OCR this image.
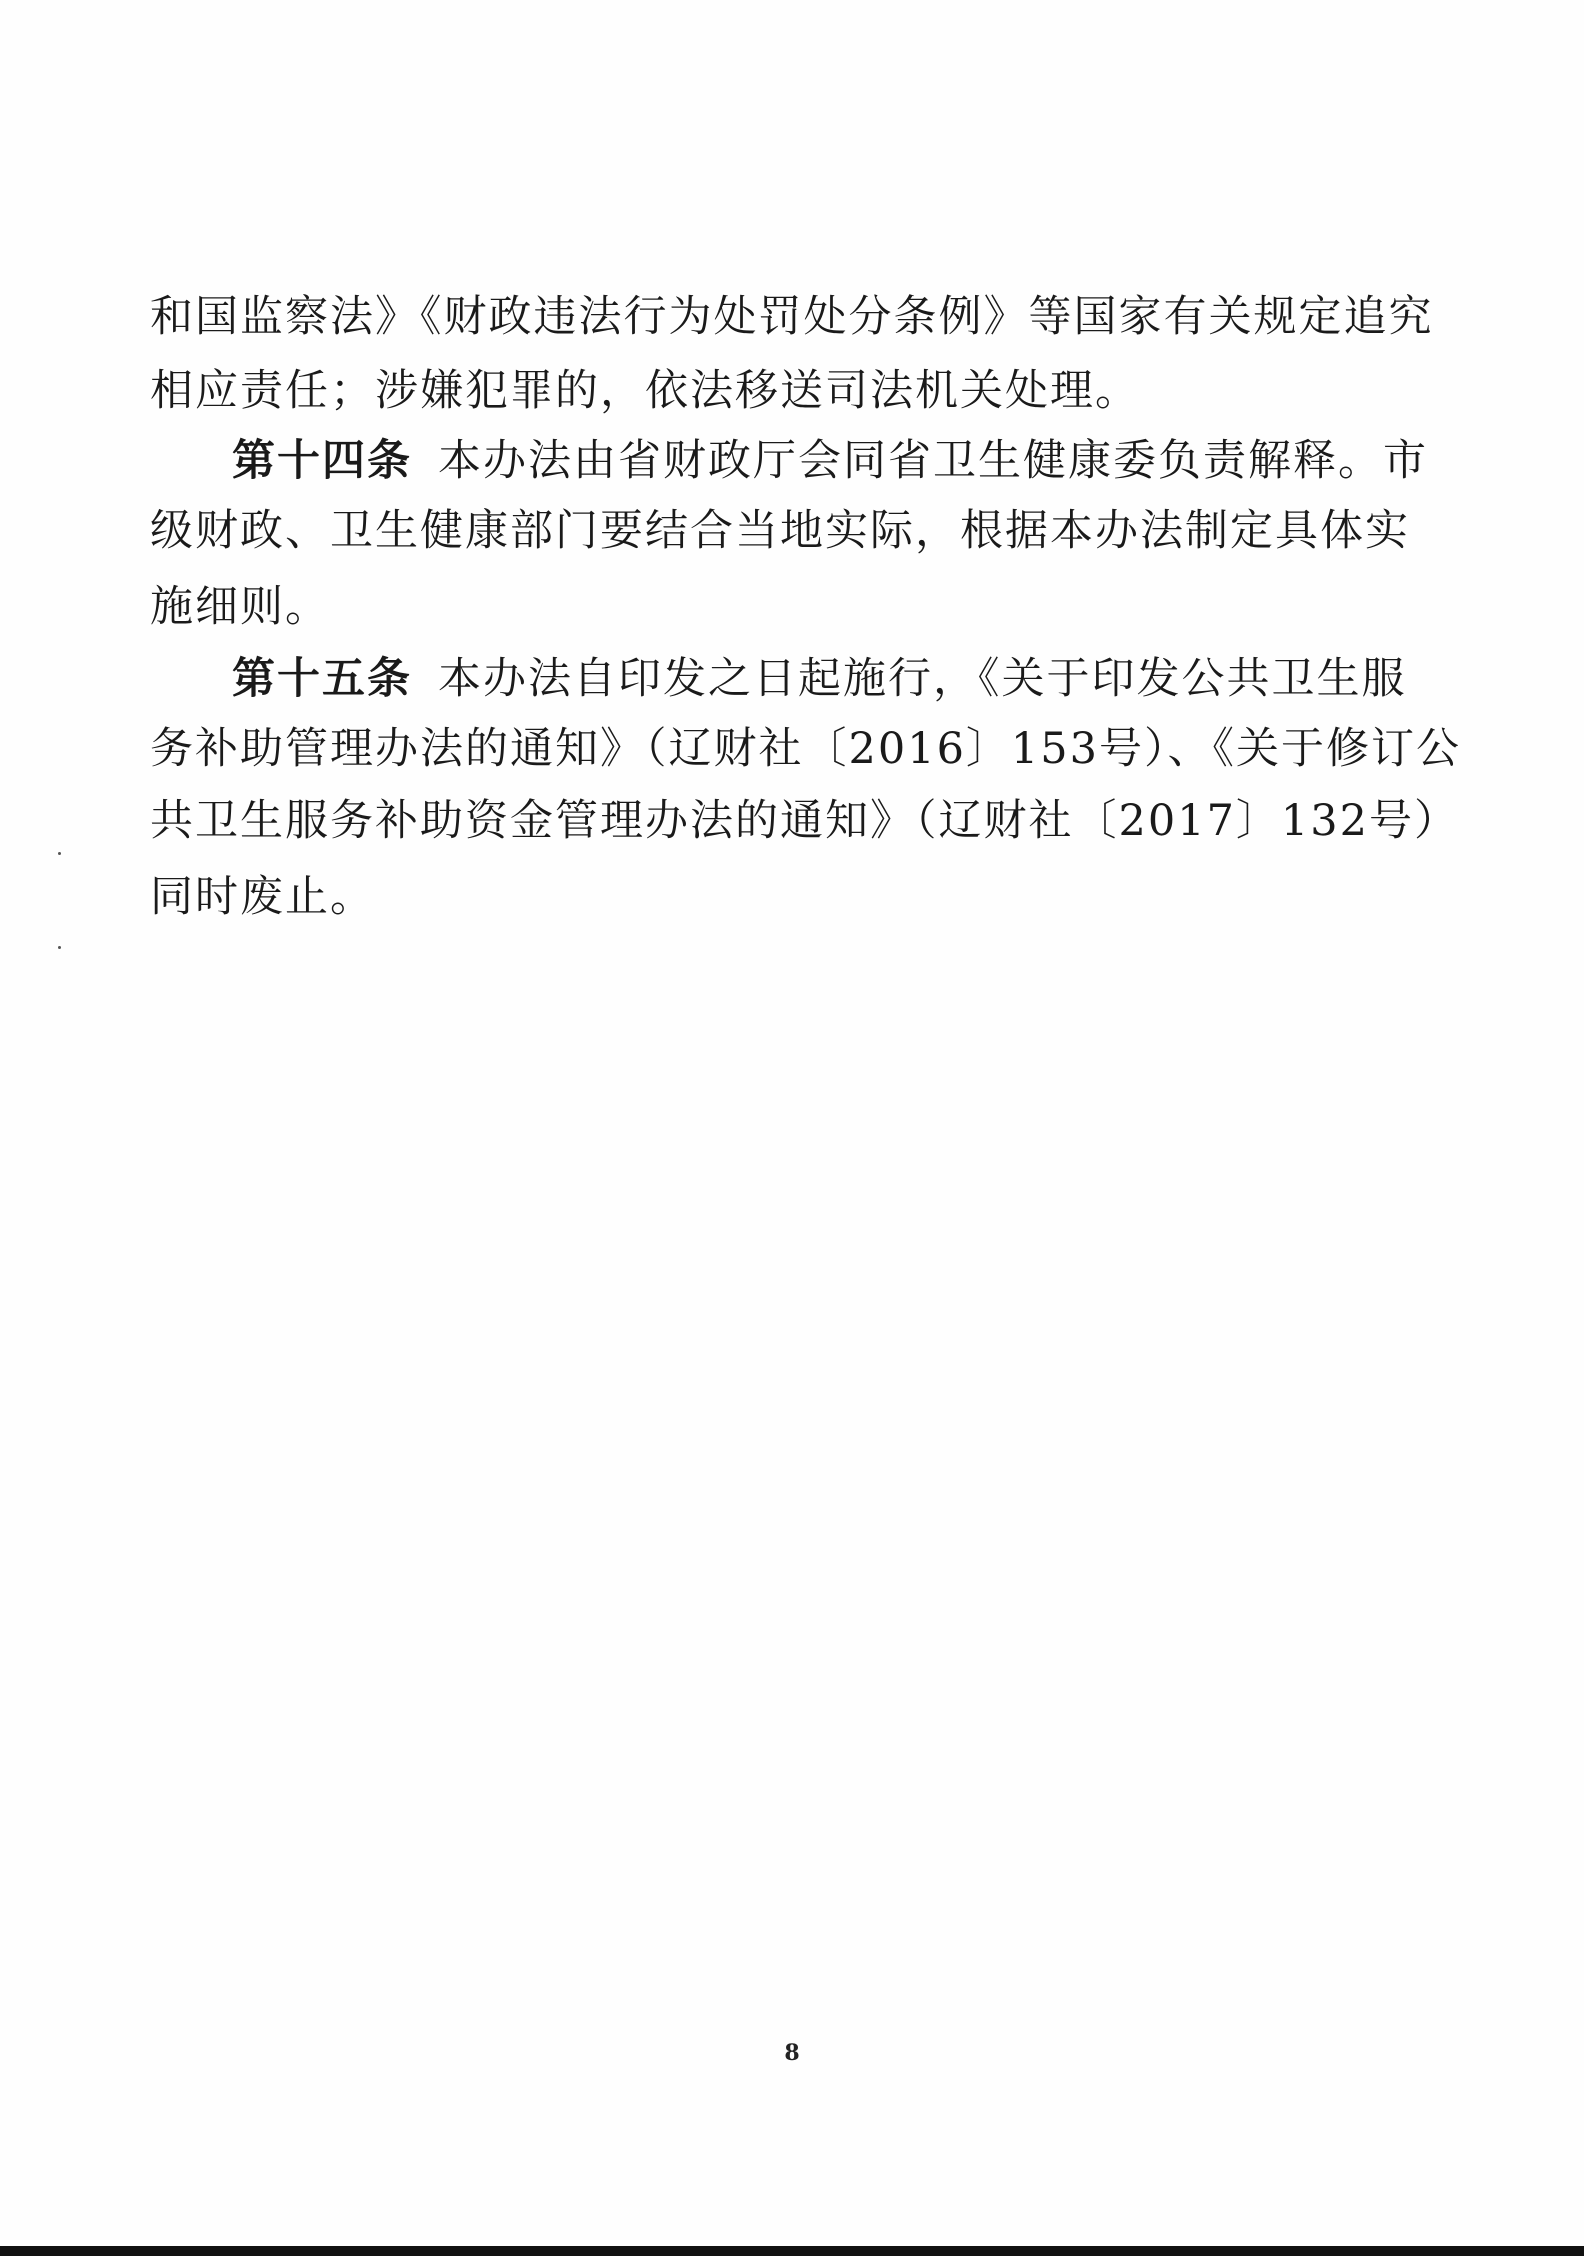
和国监察法》《财政违法行为处罚处分条例》等国家有关规定追究
相应责任；涉嫌犯罪的，依法移送司法机关处理。
第十四条 本办法由省财政厅会同省卫生健康委负责解释。市
级财政、卫生健康部门要结合当地实际，根据本办法制定具体实
施细则。
第十五条 本办法自印发之日起施行，《关于印发公共卫生服
务补助管理办法的通知》（辽财社〔2016〕153号）、《关于修订公
共卫生服务补助资金管理办法的通知》（辽财社〔2017〕132号）
同时废止。
8
